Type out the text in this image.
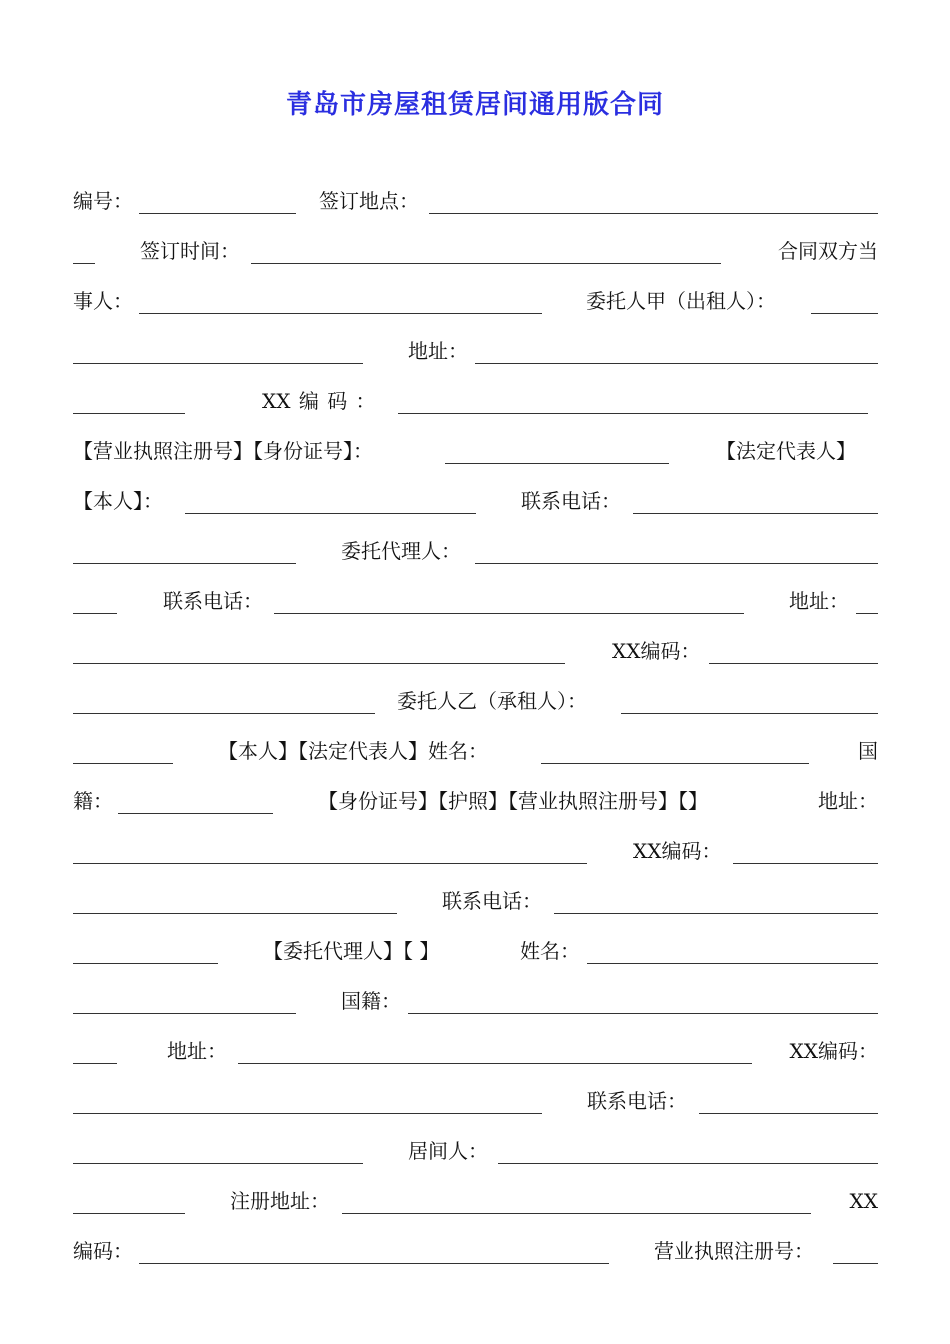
青岛市房屋租赁居间通用版合同
编号：	签订地点：
签订时间：	合同双方当
事人：	委托人甲（出租人）：
地址：
XX 编 码 ：
【营业执照注册号】【身份证号】：	【法定代表人】
【本人】：	联系电话：
委托代理人：
联系电话：	地址：
XX编码：
委托人乙（承租人）：
【本人】【法定代表人】姓名：	国
籍：	【身份证号】【护照】【营业执照注册号】【】	地址：
XX编码：
联系电话：
【委托代理人】【 】	姓名：
国籍：
地址：	XX编码：
联系电话：
居间人：
注册地址：	XX
编码：	营业执照注册号：
